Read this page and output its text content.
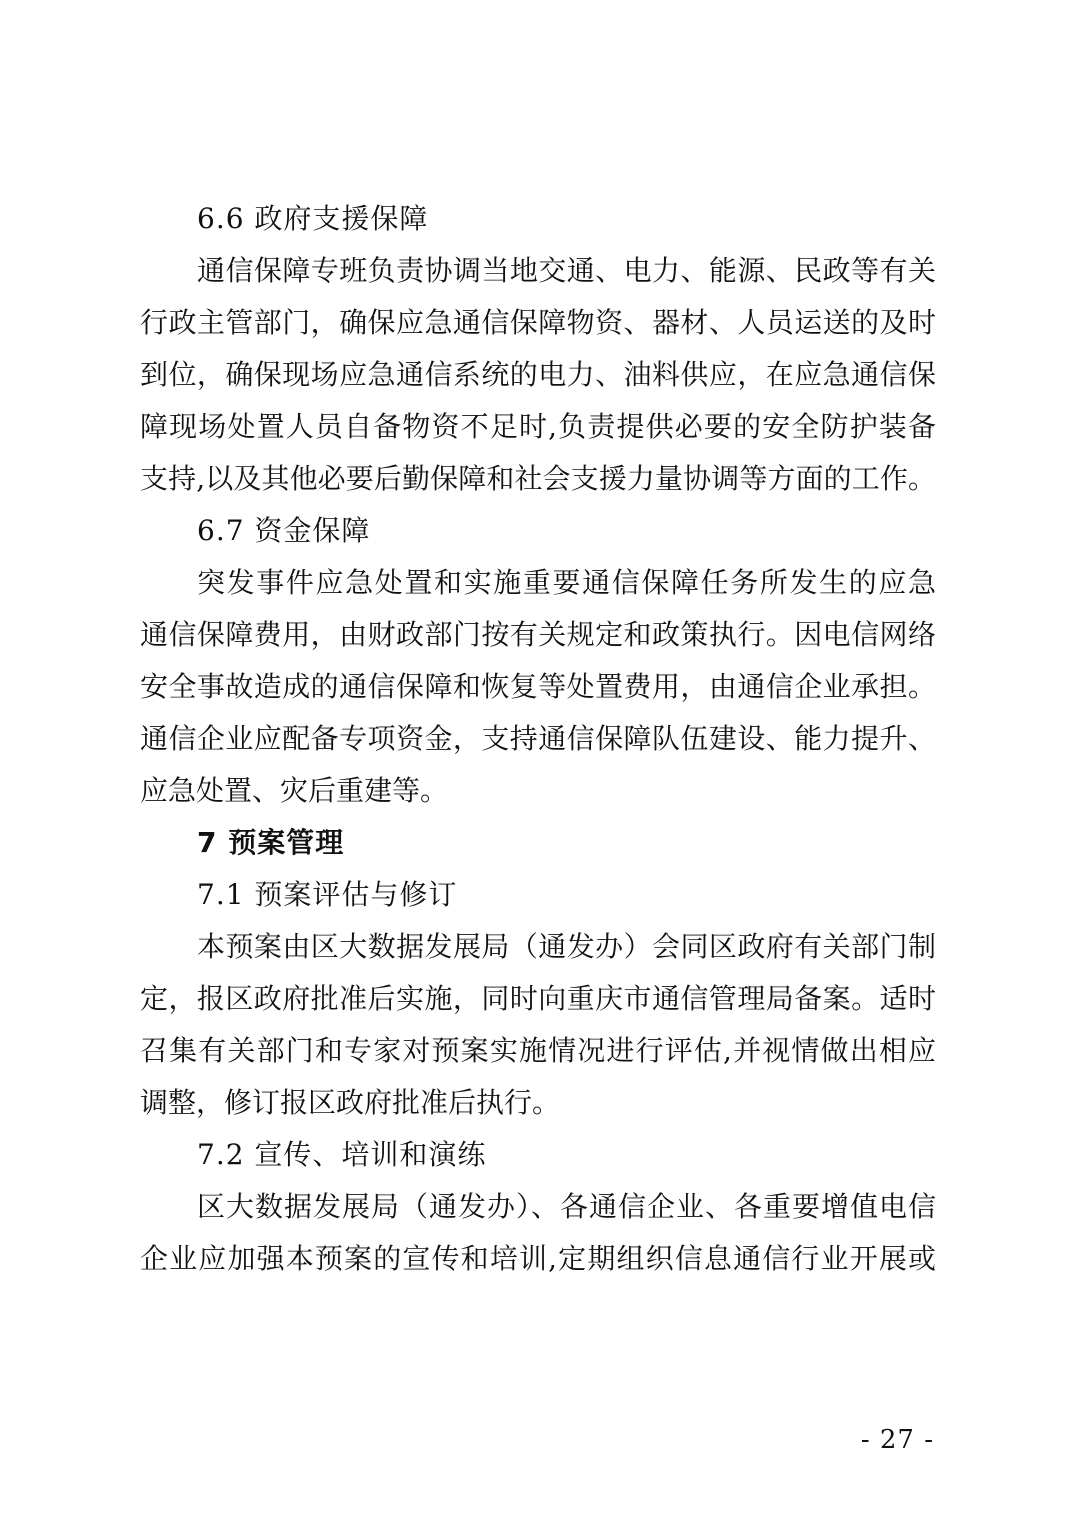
6.6 政府支援保障
通信保障专班负责协调当地交通、电力、能源、民政等有关
行政主管部门，确保应急通信保障物资、器材、人员运送的及时
到位，确保现场应急通信系统的电力、油料供应，在应急通信保
障现场处置人员自备物资不足时,负责提供必要的安全防护装备
支持,以及其他必要后勤保障和社会支援力量协调等方面的工作。
6.7 资金保障
突发事件应急处置和实施重要通信保障任务所发生的应急
通信保障费用，由财政部门按有关规定和政策执行。因电信网络
安全事故造成的通信保障和恢复等处置费用，由通信企业承担。
通信企业应配备专项资金，支持通信保障队伍建设、能力提升、
应急处置、灾后重建等。
7 预案管理
7.1 预案评估与修订
本预案由区大数据发展局（通发办）会同区政府有关部门制
定，报区政府批准后实施，同时向重庆市通信管理局备案。适时
召集有关部门和专家对预案实施情况进行评估,并视情做出相应
调整，修订报区政府批准后执行。
7.2 宣传、培训和演练
区大数据发展局（通发办）、各通信企业、各重要增值电信
企业应加强本预案的宣传和培训,定期组织信息通信行业开展或
- 27 -
